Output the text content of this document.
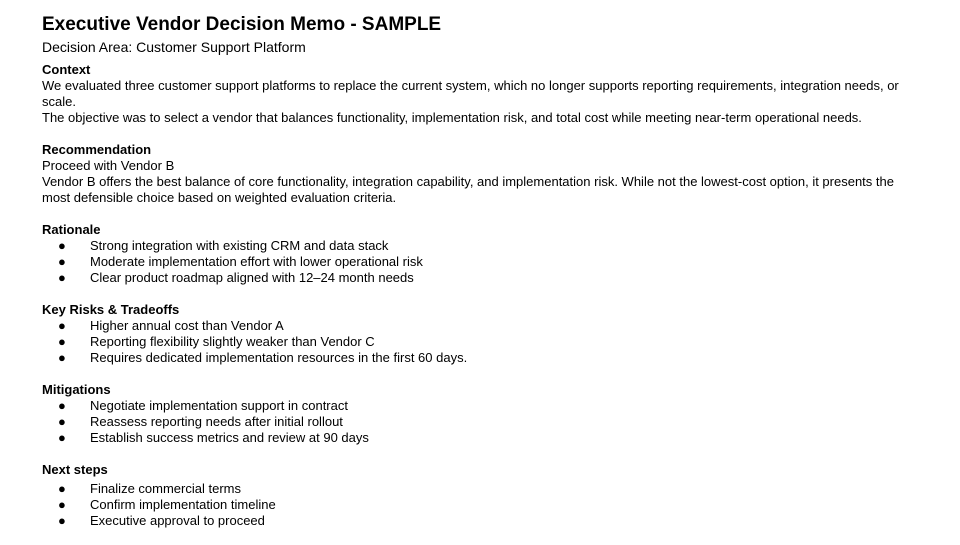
Executive Vendor Decision Memo - SAMPLE
Decision Area: Customer Support Platform
Context

We evaluated three customer support platforms to replace the current system, which no longer supports reporting requirements, integration needs, or scale.

The objective was to select a vendor that balances functionality, implementation risk, and total cost while meeting near-term operational needs.

Recommendation

Proceed with Vendor B

Vendor B offers the best balance of core functionality, integration capability, and implementation risk. While not the lowest-cost option, it presents the most defensible choice based on weighted evaluation criteria.

Rationale
● Strong integration with existing CRM and data stack
● Moderate implementation effort with lower operational risk
● Clear product roadmap aligned with 12–24 month needs
Key Risks & Tradeoffs
● Higher annual cost than Vendor A
● Reporting flexibility slightly weaker than Vendor C
● Requires dedicated implementation resources in the first 60 days.
Mitigations
● Negotiate implementation support in contract
● Reassess reporting needs after initial rollout
● Establish success metrics and review at 90 days
Next steps
● Finalize commercial terms
● Confirm implementation timeline
● Executive approval to proceed
